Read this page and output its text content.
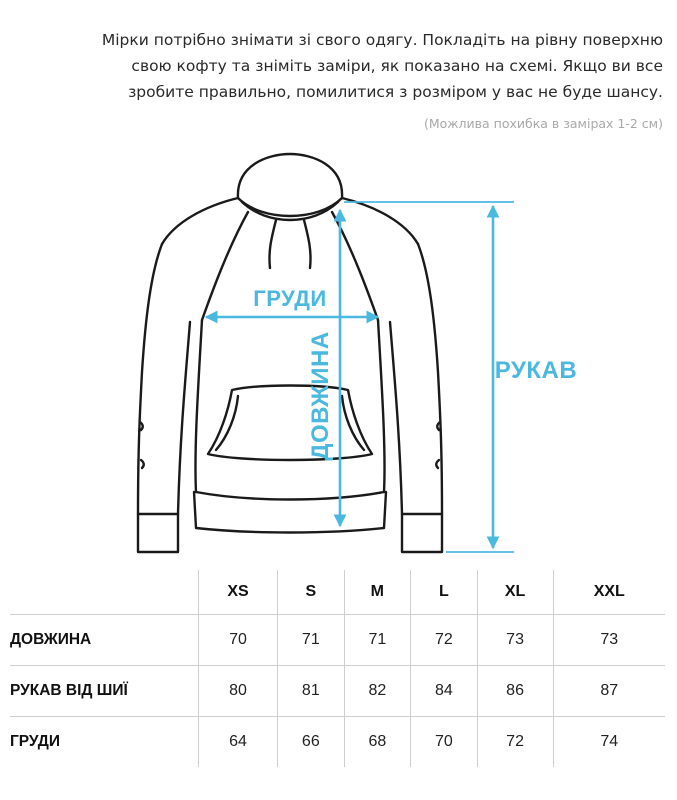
Мірки потрібно знімати зі свого одягу. Покладіть на рівну поверхню

свою кофту та зніміть заміри, як показано на схемі. Якщо ви все

зробите правильно, помилитися з розміром у вас не буде шансу.

(Можлива похибка в замірах 1-2 см)
ГРУДИ
ДОВЖИНА	РУКАВ
	XS	S	M	L	XL	XXL
ДОВЖИНА	70	71	71	72	73	73
РУКАВ ВІД ШИЇ	80	81	82	84	86	87
ГРУДИ	64	66	68	70	72	74
